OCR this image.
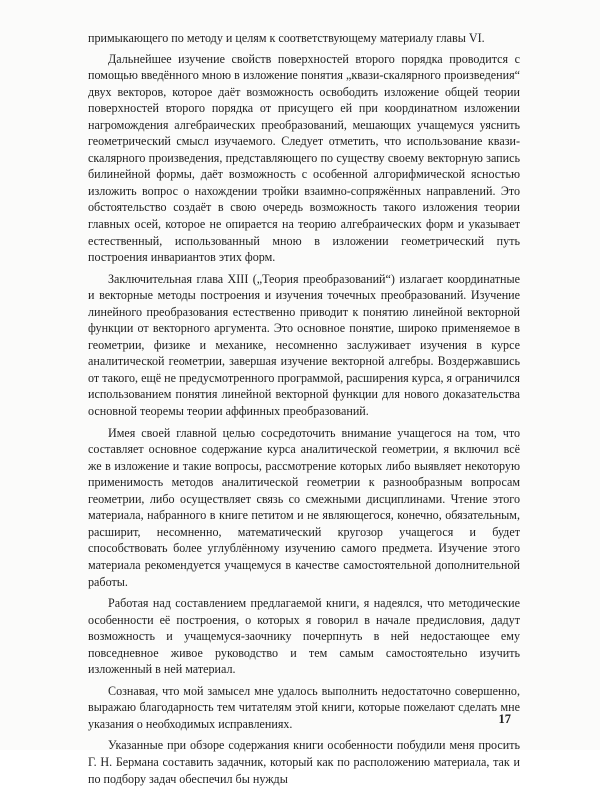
примыкающего по методу и целям к соответствующему материалу главы VI.

Дальнейшее изучение свойств поверхностей второго порядка проводится с помощью введённого мною в изложение понятия „квази-скалярного произведения“ двух векторов, которое даёт возможность освободить изложение общей теории поверхностей второго порядка от присущего ей при координатном изложении нагромождения алгебраических преобразований, мешающих учащемуся уяснить геометрический смысл изучаемого. Следует отметить, что использование квази-скалярного произведения, представляющего по существу своему векторную запись билинейной формы, даёт возможность с особенной алгорифмической ясностью изложить вопрос о нахождении тройки взаимно-сопряжённых направлений. Это обстоятельство создаёт в свою очередь возможность такого изложения теории главных осей, которое не опирается на теорию алгебраических форм и указывает естественный, использованный мною в изложении геометрический путь построения инвариантов этих форм.

Заключительная глава XIII („Теория преобразований“) излагает координатные и векторные методы построения и изучения точечных преобразований. Изучение линейного преобразования естественно приводит к понятию линейной векторной функции от векторного аргумента. Это основное понятие, широко применяемое в геометрии, физике и механике, несомненно заслуживает изучения в курсе аналитической геометрии, завершая изучение векторной алгебры. Воздержавшись от такого, ещё не предусмотренного программой, расширения курса, я ограничился использованием понятия линейной векторной функции для нового доказательства основной теоремы теории аффинных преобразований.

Имея своей главной целью сосредоточить внимание учащегося на том, что составляет основное содержание курса аналитической геометрии, я включил всё же в изложение и такие вопросы, рассмотрение которых либо выявляет некоторую применимость методов аналитической геометрии к разнообразным вопросам геометрии, либо осуществляет связь со смежными дисциплинами. Чтение этого материала, набранного в книге петитом и не являющегося, конечно, обязательным, расширит, несомненно, математический кругозор учащегося и будет способствовать более углублённому изучению самого предмета. Изучение этого материала рекомендуется учащемуся в качестве самостоятельной дополнительной работы.

Работая над составлением предлагаемой книги, я надеялся, что методические особенности её построения, о которых я говорил в начале предисловия, дадут возможность и учащемуся-заочнику почерпнуть в ней недостающее ему повседневное живое руководство и тем самым самостоятельно изучить изложенный в ней материал.

Сознавая, что мой замысел мне удалось выполнить недостаточно совершенно, выражаю благодарность тем читателям этой книги, которые пожелают сделать мне указания о необходимых исправлениях.

Указанные при обзоре содержания книги особенности побудили меня просить Г. Н. Бермана составить задачник, который как по расположению материала, так и по подбору задач обеспечил бы нужды

17
